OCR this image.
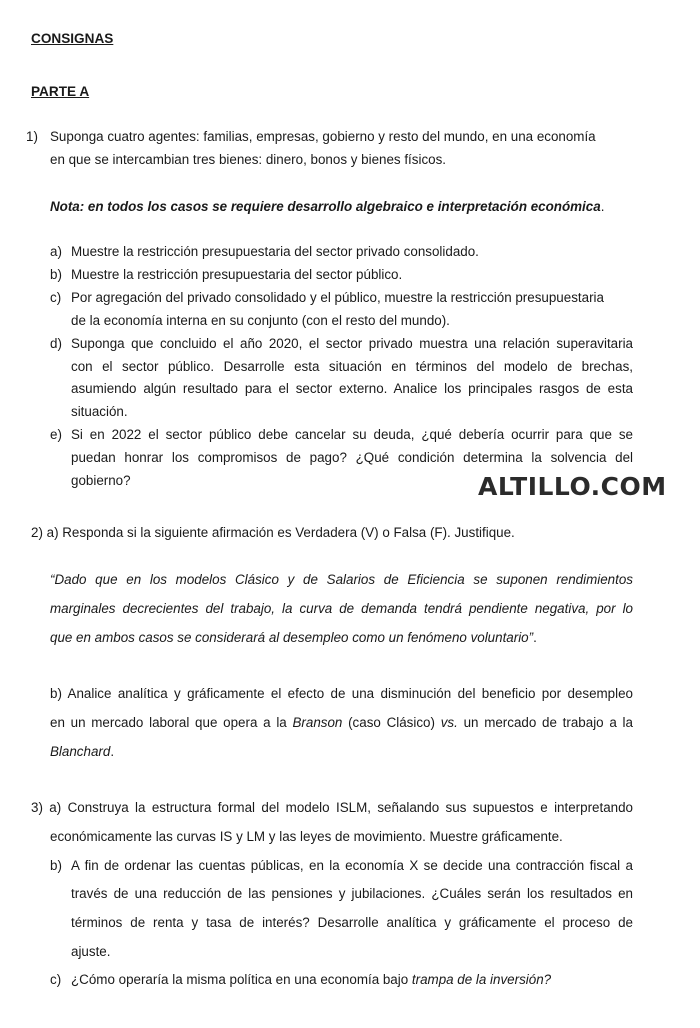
CONSIGNAS
PARTE A
1) Suponga cuatro agentes: familias, empresas, gobierno y resto del mundo, en una economía
en que se intercambian tres bienes: dinero, bonos y bienes físicos.
Nota: en todos los casos se requiere desarrollo algebraico e interpretación económica.
a) Muestre la restricción presupuestaria del sector privado consolidado.
b) Muestre la restricción presupuestaria del sector público.
c) Por agregación del privado consolidado y el público, muestre la restricción presupuestaria
de la economía interna en su conjunto (con el resto del mundo).
d) Suponga que concluido el año 2020, el sector privado muestra una relación superavitaria
con el sector público. Desarrolle esta situación en términos del modelo de brechas,
asumiendo algún resultado para el sector externo. Analice los principales rasgos de esta
situación.
e) Si en 2022 el sector público debe cancelar su deuda, ¿qué debería ocurrir para que se
puedan honrar los compromisos de pago? ¿Qué condición determina la solvencia del
gobierno?	ALTILLO.COM
2) a) Responda si la siguiente afirmación es Verdadera (V) o Falsa (F). Justifique.
“Dado que en los modelos Clásico y de Salarios de Eficiencia se suponen rendimientos
marginales decrecientes del trabajo, la curva de demanda tendrá pendiente negativa, por lo
que en ambos casos se considerará al desempleo como un fenómeno voluntario”.
b) Analice analítica y gráficamente el efecto de una disminución del beneficio por desempleo
en un mercado laboral que opera a la Branson (caso Clásico) vs. un mercado de trabajo a la
Blanchard.
3) a) Construya la estructura formal del modelo ISLM, señalando sus supuestos e interpretando
económicamente las curvas IS y LM y las leyes de movimiento. Muestre gráficamente.
b) A fin de ordenar las cuentas públicas, en la economía X se decide una contracción fiscal a
través de una reducción de las pensiones y jubilaciones. ¿Cuáles serán los resultados en
términos de renta y tasa de interés? Desarrolle analítica y gráficamente el proceso de
ajuste.
c) ¿Cómo operaría la misma política en una economía bajo trampa de la inversión?
